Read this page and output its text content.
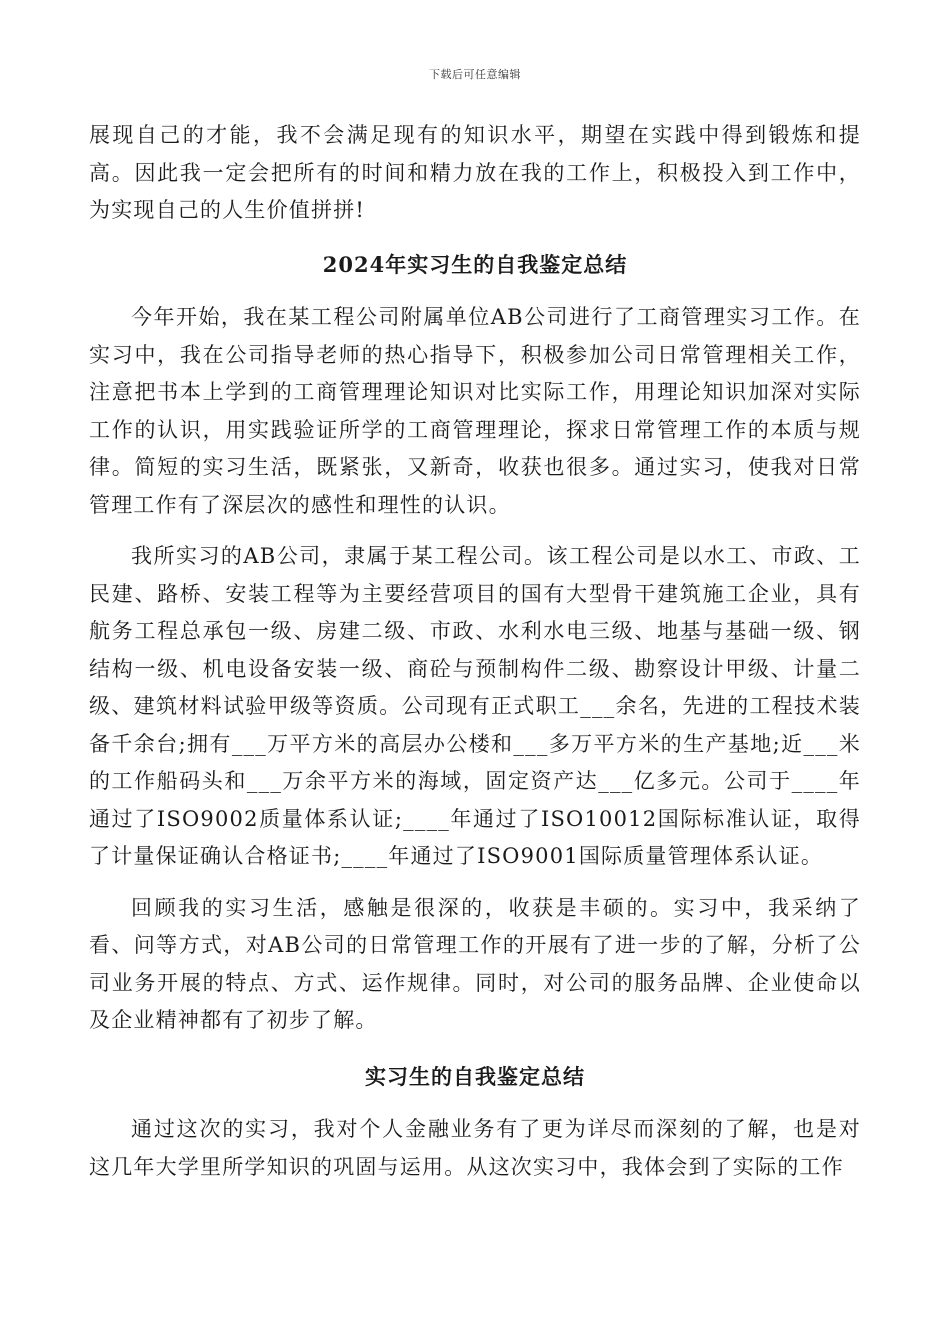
下载后可任意编辑

展现自己的才能，我不会满足现有的知识水平，期望在实践中得到锻炼和提高。因此我一定会把所有的时间和精力放在我的工作上，积极投入到工作中，为实现自己的人生价值拼拼!

2024年实习生的自我鉴定总结

今年开始，我在某工程公司附属单位AB公司进行了工商管理实习工作。在实习中，我在公司指导老师的热心指导下，积极参加公司日常管理相关工作，注意把书本上学到的工商管理理论知识对比实际工作，用理论知识加深对实际工作的认识，用实践验证所学的工商管理理论，探求日常管理工作的本质与规律。简短的实习生活，既紧张，又新奇，收获也很多。通过实习，使我对日常管理工作有了深层次的感性和理性的认识。

我所实习的AB公司，隶属于某工程公司。该工程公司是以水工、市政、工民建、路桥、安装工程等为主要经营项目的国有大型骨干建筑施工企业，具有航务工程总承包一级、房建二级、市政、水利水电三级、地基与基础一级、钢结构一级、机电设备安装一级、商砼与预制构件二级、勘察设计甲级、计量二级、建筑材料试验甲级等资质。公司现有正式职工___余名，先进的工程技术装备千余台;拥有___万平方米的高层办公楼和___多万平方米的生产基地;近___米的工作船码头和___万余平方米的海域，固定资产达___亿多元。公司于____年通过了ISO9002质量体系认证;____年通过了ISO10012国际标准认证，取得了计量保证确认合格证书;____年通过了ISO9001国际质量管理体系认证。

回顾我的实习生活，感触是很深的，收获是丰硕的。实习中，我采纳了看、问等方式，对AB公司的日常管理工作的开展有了进一步的了解，分析了公司业务开展的特点、方式、运作规律。同时，对公司的服务品牌、企业使命以及企业精神都有了初步了解。

实习生的自我鉴定总结

通过这次的实习，我对个人金融业务有了更为详尽而深刻的了解，也是对这几年大学里所学知识的巩固与运用。从这次实习中，我体会到了实际的工作
